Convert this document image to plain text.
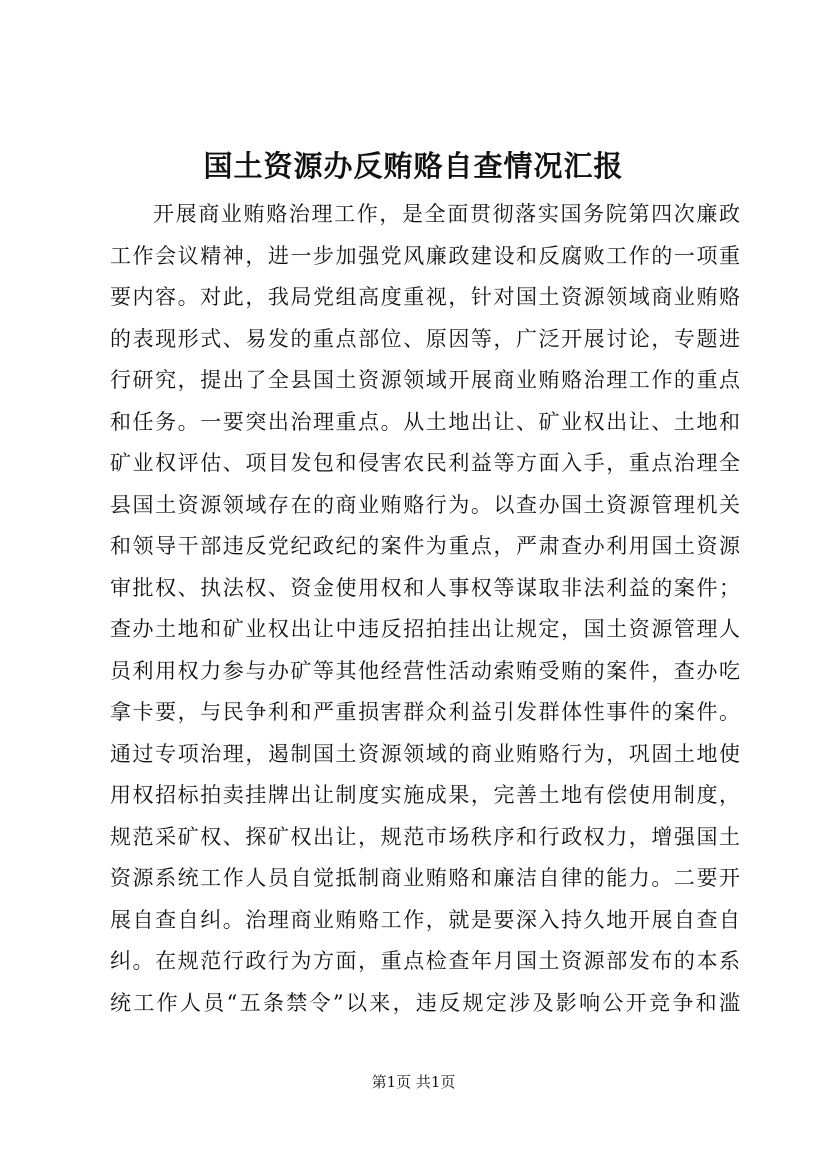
国土资源办反贿赂自查情况汇报
开展商业贿赂治理工作，是全面贯彻落实国务院第四次廉政
工作会议精神，进一步加强党风廉政建设和反腐败工作的一项重
要内容。对此，我局党组高度重视，针对国土资源领域商业贿赂
的表现形式、易发的重点部位、原因等，广泛开展讨论，专题进
行研究，提出了全县国土资源领域开展商业贿赂治理工作的重点
和任务。一要突出治理重点。从土地出让、矿业权出让、土地和
矿业权评估、项目发包和侵害农民利益等方面入手，重点治理全
县国土资源领域存在的商业贿赂行为。以查办国土资源管理机关
和领导干部违反党纪政纪的案件为重点，严肃查办利用国土资源
审批权、执法权、资金使用权和人事权等谋取非法利益的案件；
查办土地和矿业权出让中违反招拍挂出让规定，国土资源管理人
员利用权力参与办矿等其他经营性活动索贿受贿的案件，查办吃
拿卡要，与民争利和严重损害群众利益引发群体性事件的案件。
通过专项治理，遏制国土资源领域的商业贿赂行为，巩固土地使
用权招标拍卖挂牌出让制度实施成果，完善土地有偿使用制度，
规范采矿权、探矿权出让，规范市场秩序和行政权力，增强国土
资源系统工作人员自觉抵制商业贿赂和廉洁自律的能力。二要开
展自查自纠。治理商业贿赂工作，就是要深入持久地开展自查自
纠。在规范行政行为方面，重点检查年月国土资源部发布的本系
统工作人员“五条禁令”以来，违反规定涉及影响公开竞争和滥
第1页 共1页
